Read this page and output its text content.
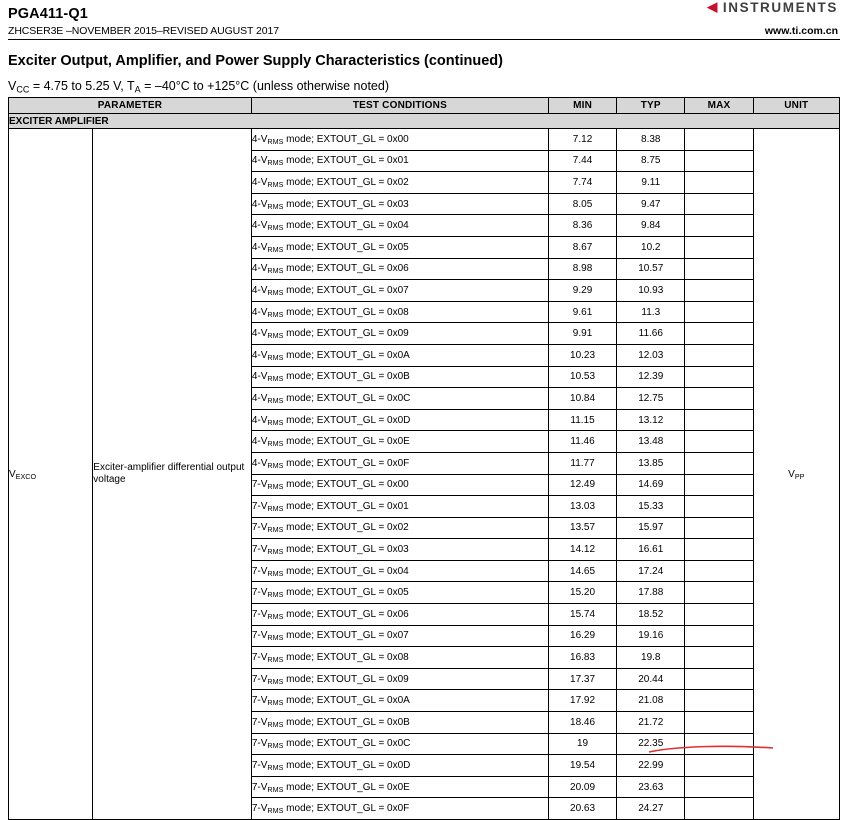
◀ INSTRUMENTS
PGA411-Q1
ZHCSER3E –NOVEMBER 2015–REVISED AUGUST 2017	www.ti.com.cn
Exciter Output, Amplifier, and Power Supply Characteristics (continued)
$V_{CC} = 4.75$ to 5.25 V, $T_A = -40^\circ C$ to +125°C (unless otherwise noted)
PARAMETER		TEST CONDITIONS	MIN	TYP	MAX	UNIT
EXCITER AMPLIFIER						
$V_{EXCO}$	Exciter-amplifier differential output voltage	$4-V_{RMS}$ mode; EXTOUT_GL = 0x00	7.12	8.38		$V_{PP}$
		$4-V_{RMS}$ mode; EXTOUT_GL = 0x01	7.44	8.75		
		$4-V_{RMS}$ mode; EXTOUT_GL = 0x02	7.74	9.11		
		$4-V_{RMS}$ mode; EXTOUT_GL = 0x03	8.05	9.47		
		$4-V_{RMS}$ mode; EXTOUT_GL = 0x04	8.36	9.84		
		$4-V_{RMS}$ mode; EXTOUT_GL = 0x05	8.67	10.2		
		$4-V_{RMS}$ mode; EXTOUT_GL = 0x06	8.98	10.57		
		$4-V_{RMS}$ mode; EXTOUT_GL = 0x07	9.29	10.93		
		$4-V_{RMS}$ mode; EXTOUT_GL = 0x08	9.61	11.3		
		$4-V_{RMS}$ mode; EXTOUT_GL = 0x09	9.91	11.66		
		$4-V_{RMS}$ mode; EXTOUT_GL = 0x0A	10.23	12.03		
		$4-V_{RMS}$ mode; EXTOUT_GL = 0x0B	10.53	12.39		
		$4-V_{RMS}$ mode; EXTOUT_GL = 0x0C	10.84	12.75		
		$4-V_{RMS}$ mode; EXTOUT_GL = 0x0D	11.15	13.12		
		$4-V_{RMS}$ mode; EXTOUT_GL = 0x0E	11.46	13.48		
		$4-V_{RMS}$ mode; EXTOUT_GL = 0x0F	11.77	13.85		
		$7-V_{RMS}$ mode; EXTOUT_GL = 0x00	12.49	14.69		
		$7-V_{RMS}$ mode; EXTOUT_GL = 0x01	13.03	15.33		
		$7-V_{RMS}$ mode; EXTOUT_GL = 0x02	13.57	15.97		
		$7-V_{RMS}$ mode; EXTOUT_GL = 0x03	14.12	16.61		
		$7-V_{RMS}$ mode; EXTOUT_GL = 0x04	14.65	17.24		
		$7-V_{RMS}$ mode; EXTOUT_GL = 0x05	15.20	17.88		
		$7-V_{RMS}$ mode; EXTOUT_GL = 0x06	15.74	18.52		
		$7-V_{RMS}$ mode; EXTOUT_GL = 0x07	16.29	19.16		
		$7-V_{RMS}$ mode; EXTOUT_GL = 0x08	16.83	19.8		
		$7-V_{RMS}$ mode; EXTOUT_GL = 0x09	17.37	20.44		
		$7-V_{RMS}$ mode; EXTOUT_GL = 0x0A	17.92	21.08		
		$7-V_{RMS}$ mode; EXTOUT_GL = 0x0B	18.46	21.72		
		$7-V_{RMS}$ mode; EXTOUT_GL = 0x0C	19	22.35		
		$7-V_{RMS}$ mode; EXTOUT_GL = 0x0D	19.54	22.99		
		$7-V_{RMS}$ mode; EXTOUT_GL = 0x0E	20.09	23.63		
		$7-V_{RMS}$ mode; EXTOUT_GL = 0x0F	20.63	24.27		
